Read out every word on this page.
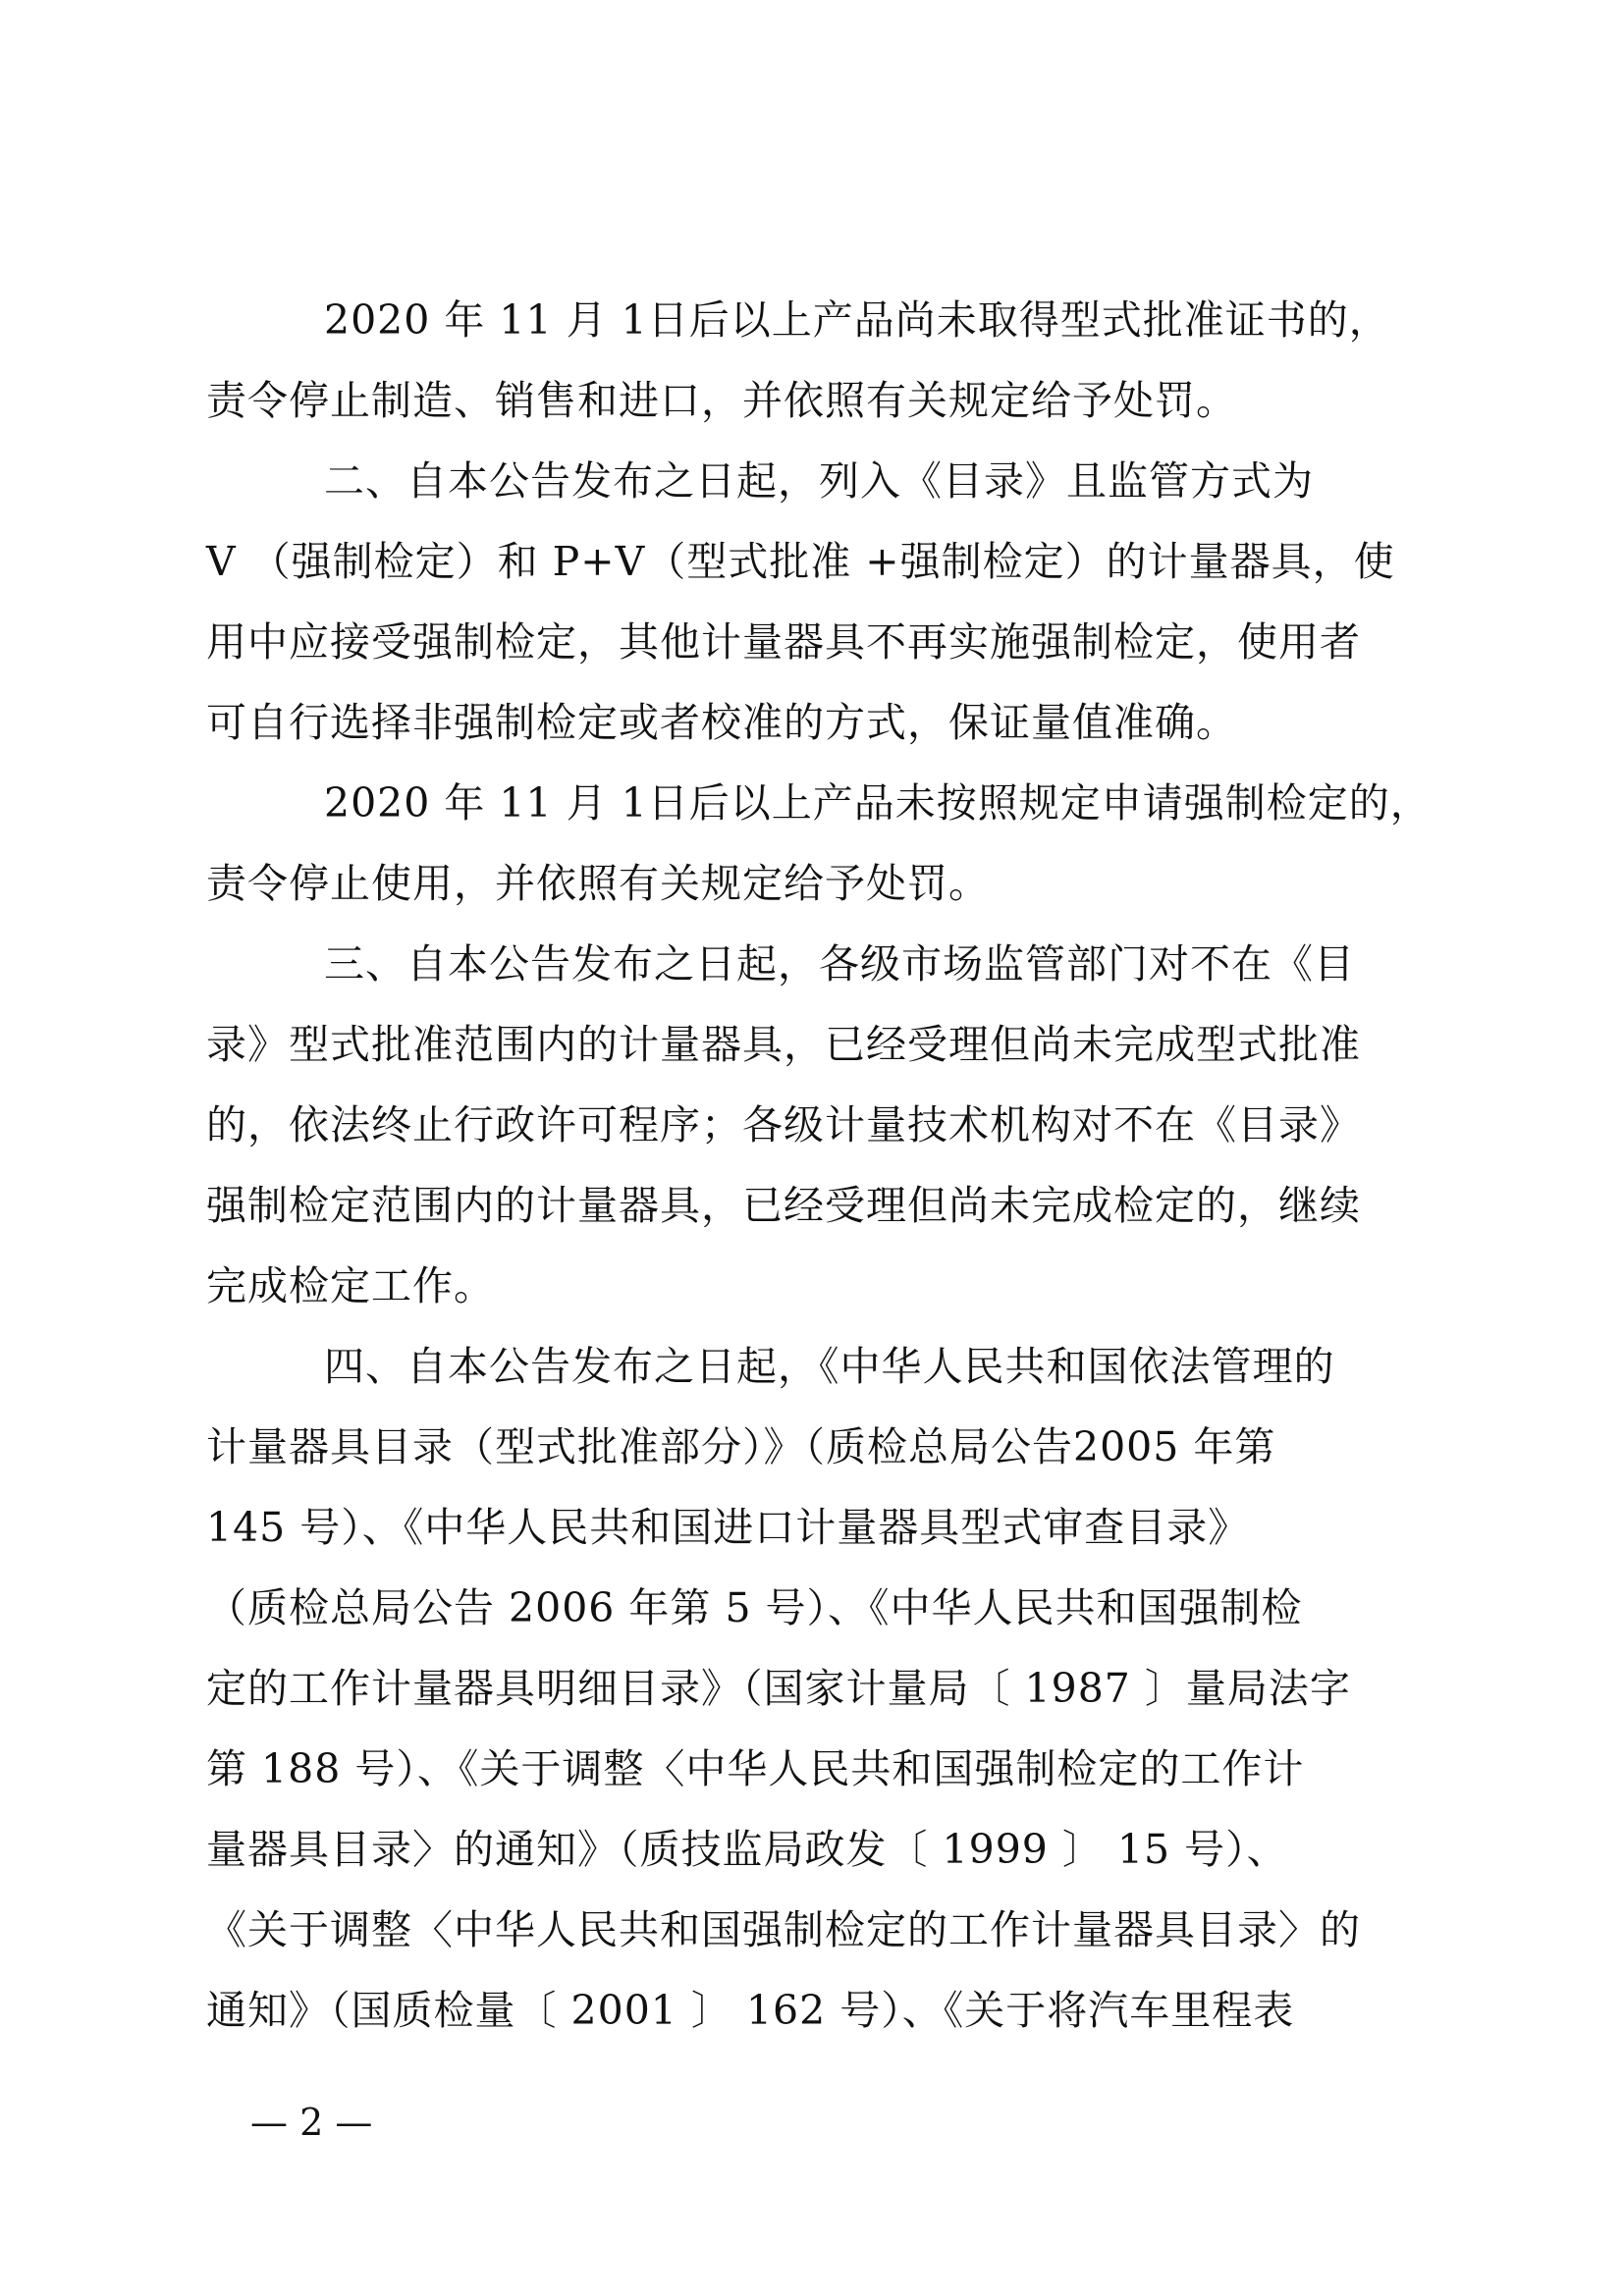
2020 年 11 月 1日后以上产品尚未取得型式批准证书的，
责令停止制造、销售和进口，并依照有关规定给予处罚。
二、自本公告发布之日起，列入《目录》且监管方式为
V （强制检定）和 P+V（型式批准 +强制检定）的计量器具，使
用中应接受强制检定，其他计量器具不再实施强制检定，使用者
可自行选择非强制检定或者校准的方式，保证量值准确。
2020 年 11 月 1日后以上产品未按照规定申请强制检定的，
责令停止使用，并依照有关规定给予处罚。
三、自本公告发布之日起，各级市场监管部门对不在《目
录》型式批准范围内的计量器具，已经受理但尚未完成型式批准
的，依法终止行政许可程序；各级计量技术机构对不在《目录》
强制检定范围内的计量器具，已经受理但尚未完成检定的，继续
完成检定工作。
四、自本公告发布之日起，《中华人民共和国依法管理的
计量器具目录（型式批准部分）》（质检总局公告2005 年第
145 号）、《中华人民共和国进口计量器具型式审查目录》
（质检总局公告 2006 年第 5 号）、《中华人民共和国强制检
定的工作计量器具明细目录》（国家计量局〔 1987 〕量局法字
第 188 号）、《关于调整〈中华人民共和国强制检定的工作计
量器具目录〉的通知》（质技监局政发〔 1999 〕 15 号）、
《关于调整〈中华人民共和国强制检定的工作计量器具目录〉的
通知》（国质检量〔 2001 〕 162 号）、《关于将汽车里程表
— 2 —
